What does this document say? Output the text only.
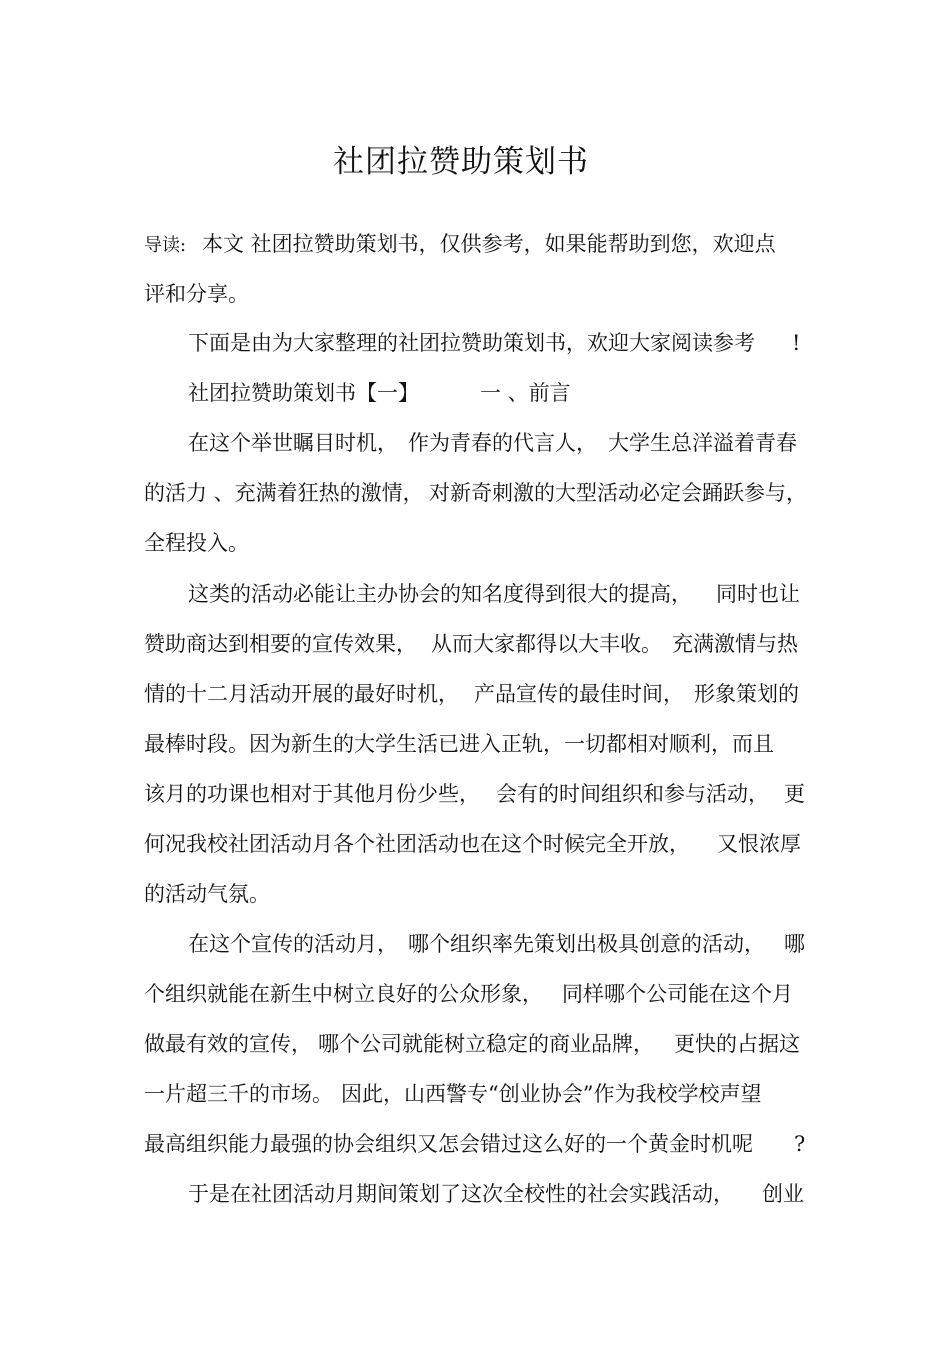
社团拉赞助策划书
导读: 本文 社团拉赞助策划书，仅供参考，如果能帮助到您，欢迎点
评和分享。
下面是由为大家整理的社团拉赞助策划书，欢迎大家阅读参考 !
社团拉赞助策划书【一】	一 、前言
在这个举世瞩目时机， 作为青春的代言人， 大学生总洋溢着青春
的活力 、充满着狂热的激情， 对新奇刺激的大型活动必定会踊跃参与，
全程投入。
这类的活动必能让主办协会的知名度得到很大的提高， 同时也让
赞助商达到相要的宣传效果， 从而大家都得以大丰收。 充满激情与热
情的十二月活动开展的最好时机， 产品宣传的最佳时间， 形象策划的
最棒时段。因为新生的大学生活已进入正轨，一切都相对顺利，而且
该月的功课也相对于其他月份少些， 会有的时间组织和参与活动， 更
何况我校社团活动月各个社团活动也在这个时候完全开放， 又恨浓厚
的活动气氛。
在这个宣传的活动月， 哪个组织率先策划出极具创意的活动， 哪
个组织就能在新生中树立良好的公众形象， 同样哪个公司能在这个月
做最有效的宣传， 哪个公司就能树立稳定的商业品牌， 更快的占据这
一片超三千的市场。 因此，山西警专“创业协会”作为我校学校声望
最高组织能力最强的协会组织又怎会错过这么好的一个黄金时机呢 ?
于是在社团活动月期间策划了这次全校性的社会实践活动， 创业
